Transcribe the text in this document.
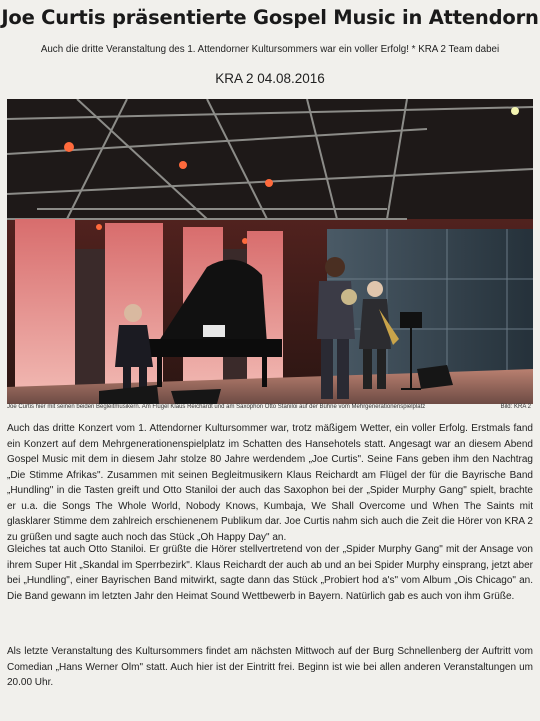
Joe Curtis präsentierte Gospel Music in Attendorn
Auch die dritte Veranstaltung des 1. Attendorner Kultursommers war ein voller Erfolg! * KRA 2 Team dabei
KRA 2 04.08.2016
Joe Curtis hier mit seinen beiden Begleitmusikern. Am Flügel Klaus Reichardt und am Saxophon Otto Staniloi auf der Bühne vom Mehrgenerationenspielplatz	Bild: KRA 2

Auch das dritte Konzert vom 1. Attendorner Kultursommer war, trotz mäßigem Wetter, ein voller Erfolg. Erstmals fand ein Konzert auf dem Mehrgenerationenspielplatz im Schatten des Hansehotels statt. Angesagt war an diesem Abend Gospel Music mit dem in diesem Jahr stolze 80 Jahre werdendem „Joe Curtis". Seine Fans geben ihm den Nachtrag „Die Stimme Afrikas". Zusammen mit seinen Begleitmusikern Klaus Reichardt am Flügel der für die Bayrische Band „Hundling" in die Tasten greift und Otto Staniloi der auch das Saxophon bei der „Spider Murphy Gang" spielt, brachte er u.a. die Songs The Whole World, Nobody Knows, Kumbaja, We Shall Overcome und When The Saints mit glasklarer Stimme dem zahlreich erschienenem Publikum dar. Joe Curtis nahm sich auch die Zeit die Hörer von KRA 2 zu grüßen und sagte auch noch das Stück „Oh Happy Day" an.

Gleiches tat auch Otto Staniloi. Er grüßte die Hörer stellvertretend von der „Spider Murphy Gang" mit der Ansage von ihrem Super Hit „Skandal im Sperrbezirk". Klaus Reichardt der auch ab und an bei Spider Murphy einsprang, jetzt aber bei „Hundling", einer Bayrischen Band mitwirkt, sagte dann das Stück „Probiert hod a's" vom Album „Ois Chicago" an. Die Band gewann im letzten Jahr den Heimat Sound Wettbewerb in Bayern. Natürlich gab es auch von ihm Grüße.

Als letzte Veranstaltung des Kultursommers findet am nächsten Mittwoch auf der Burg Schnellenberg der Auftritt vom Comedian „Hans Werner Olm" statt. Auch hier ist der Eintritt frei. Beginn ist wie bei allen anderen Veranstaltungen um 20.00 Uhr.
